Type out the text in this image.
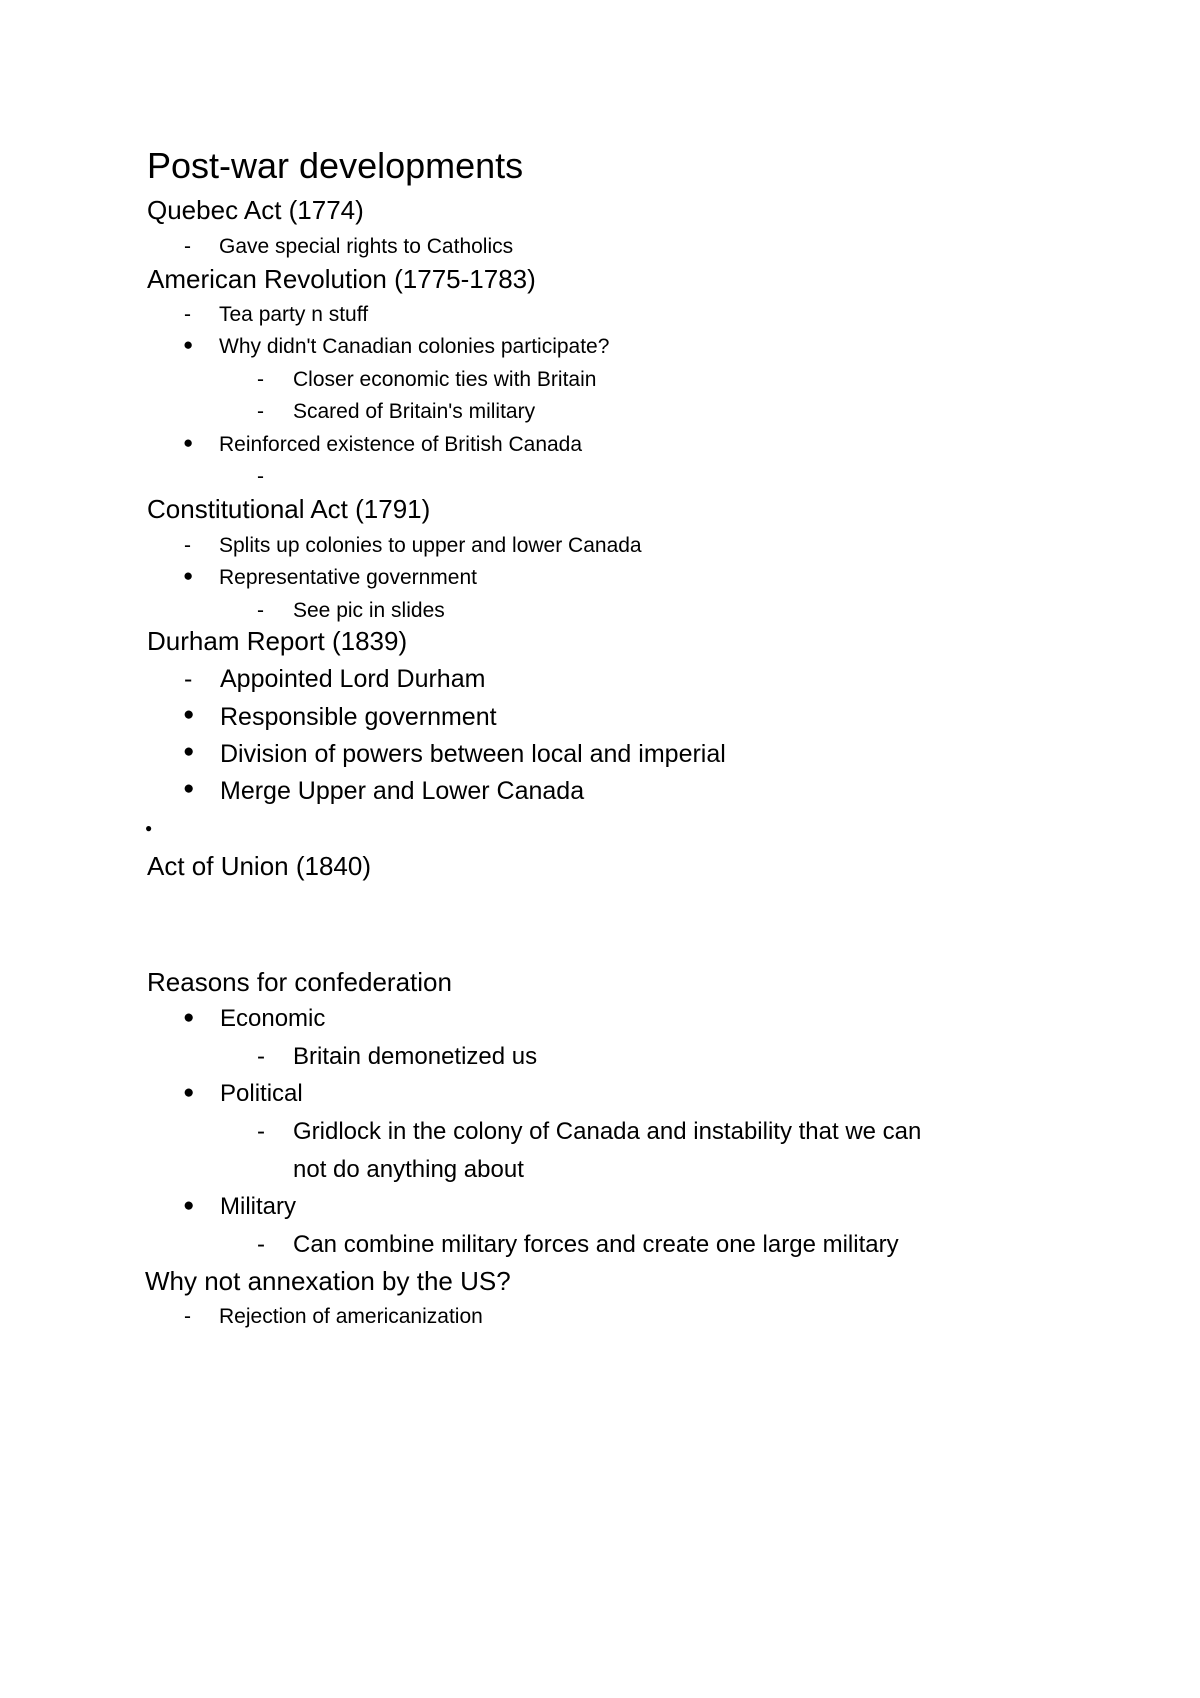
Post-war developments
Quebec Act (1774)
- Gave special rights to Catholics
American Revolution (1775-1783)
- Tea party n stuff
● Why didn't Canadian colonies participate?
- Closer economic ties with Britain
- Scared of Britain's military
● Reinforced existence of British Canada
-
Constitutional Act (1791)
- Splits up colonies to upper and lower Canada
● Representative government
- See pic in slides
Durham Report (1839)
- Appointed Lord Durham
● Responsible government
● Division of powers between local and imperial
● Merge Upper and Lower Canada
●
Act of Union (1840)
Reasons for confederation
● Economic
- Britain demonetized us
● Political
- Gridlock in the colony of Canada and instability that we can
not do anything about
● Military
- Can combine military forces and create one large military
Why not annexation by the US?
- Rejection of americanization
